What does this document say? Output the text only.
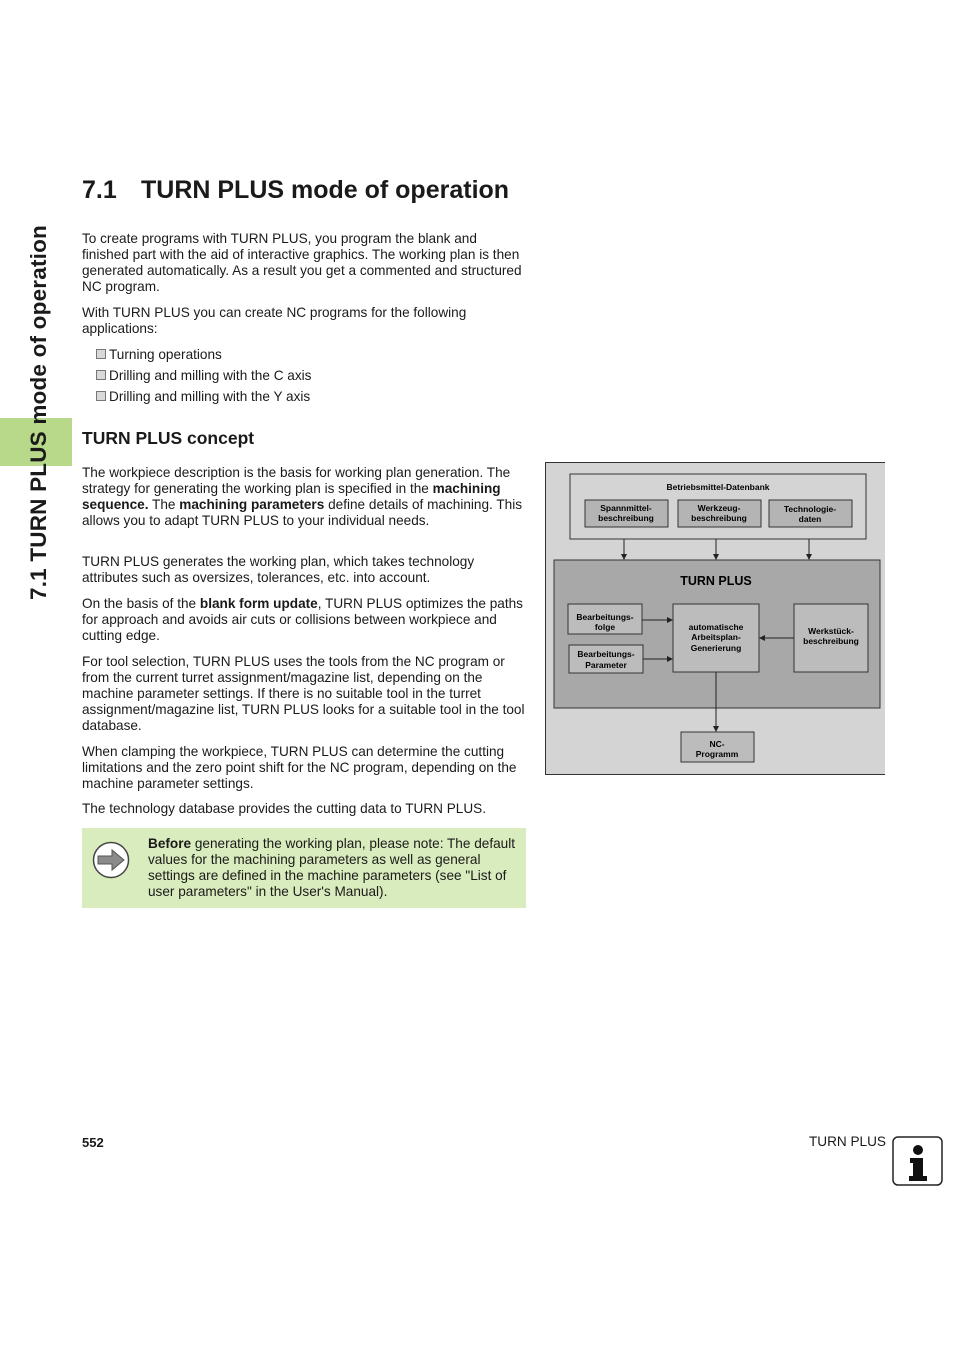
7.1 TURN PLUS mode of operation
7.1 TURN PLUS mode of operation

To create programs with TURN PLUS, you program the blank and finished part with the aid of interactive graphics. The working plan is then generated automatically. As a result you get a commented and structured NC program.

With TURN PLUS you can create NC programs for the following applications:

Turning operations
Drilling and milling with the C axis
Drilling and milling with the Y axis
TURN PLUS concept

The workpiece description is the basis for working plan generation. The strategy for generating the working plan is specified in the machining sequence. The machining parameters define details of machining. This allows you to adapt TURN PLUS to your individual needs.

TURN PLUS generates the working plan, which takes technology attributes such as oversizes, tolerances, etc. into account.

On the basis of the blank form update, TURN PLUS optimizes the paths for approach and avoids air cuts or collisions between workpiece and cutting edge.

For tool selection, TURN PLUS uses the tools from the NC program or from the current turret assignment/magazine list, depending on the machine parameter settings. If there is no suitable tool in the turret assignment/magazine list, TURN PLUS looks for a suitable tool in the tool database.

When clamping the workpiece, TURN PLUS can determine the cutting limitations and the zero point shift for the NC program, depending on the machine parameter settings.

The technology database provides the cutting data to TURN PLUS.

Before generating the working plan, please note: The default values for the machining parameters as well as general settings are defined in the machine parameters (see "List of user parameters" in the User's Manual).

Betriebsmittel-Datenbank
Spannmittel-
beschreibung
Werkzeug-
beschreibung
Technologie-
daten
TURN PLUS
Bearbeitungs-
folge
Bearbeitungs-
Parameter
automatische
Arbeitsplan-
Generierung
Werkstück-
beschreibung
NC-
Programm
552	TURN PLUS
